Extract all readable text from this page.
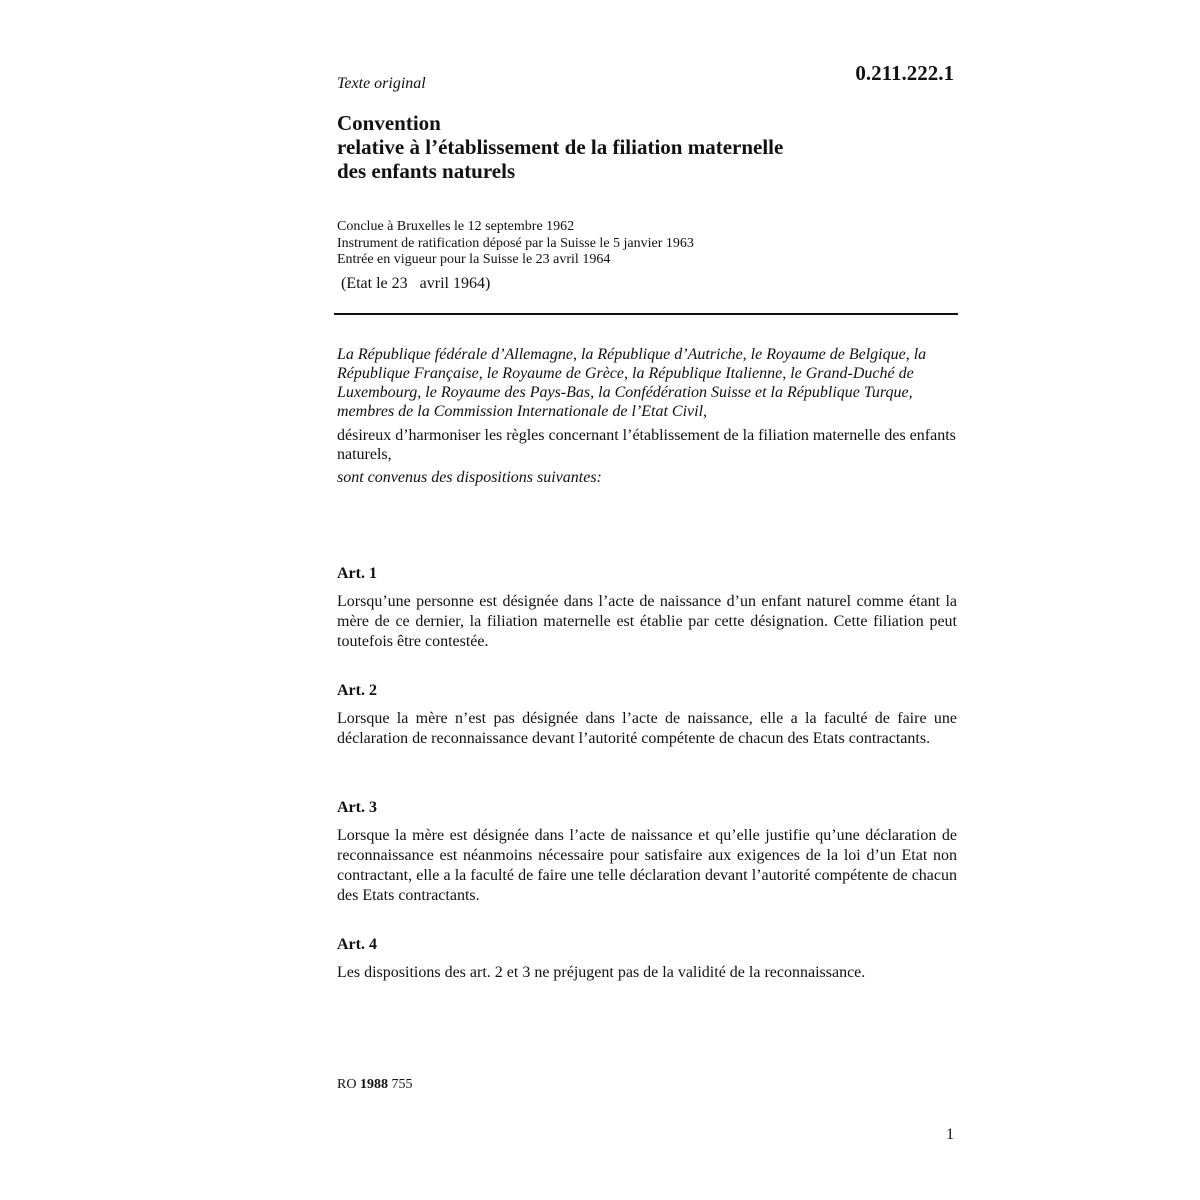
Texte original	0.211.222.1

Convention
relative à l’établissement de la filiation maternelle
des enfants naturels
Conclue à Bruxelles le 12 septembre 1962
Instrument de ratification déposé par la Suisse le 5 janvier 1963
Entrée en vigueur pour la Suisse le 23 avril 1964

(Etat le 23   avril 1964)

La République fédérale d’Allemagne, la République d’Autriche, le Royaume de Belgique, la République Française, le Royaume de Grèce, la République Italienne, le Grand-Duché de Luxembourg, le Royaume des Pays-Bas, la Confédération Suisse et la République Turque, membres de la Commission Internationale de l’Etat Civil,

désireux d’harmoniser les règles concernant l’établissement de la filiation maternelle des enfants naturels,

sont convenus des dispositions suivantes:

Art. 1

Lorsqu’une personne est désignée dans l’acte de naissance d’un enfant naturel comme étant la mère de ce dernier, la filiation maternelle est établie par cette désignation. Cette filiation peut toutefois être contestée.

Art. 2

Lorsque la mère n’est pas désignée dans l’acte de naissance, elle a la faculté de faire une déclaration de reconnaissance devant l’autorité compétente de chacun des Etats contractants.

Art. 3

Lorsque la mère est désignée dans l’acte de naissance et qu’elle justifie qu’une déclaration de reconnaissance est néanmoins nécessaire pour satisfaire aux exigences de la loi d’un Etat non contractant, elle a la faculté de faire une telle déclaration devant l’autorité compétente de chacun des Etats contractants.

Art. 4

Les dispositions des art. 2 et 3 ne préjugent pas de la validité de la reconnaissance.

RO 1988 755

1
